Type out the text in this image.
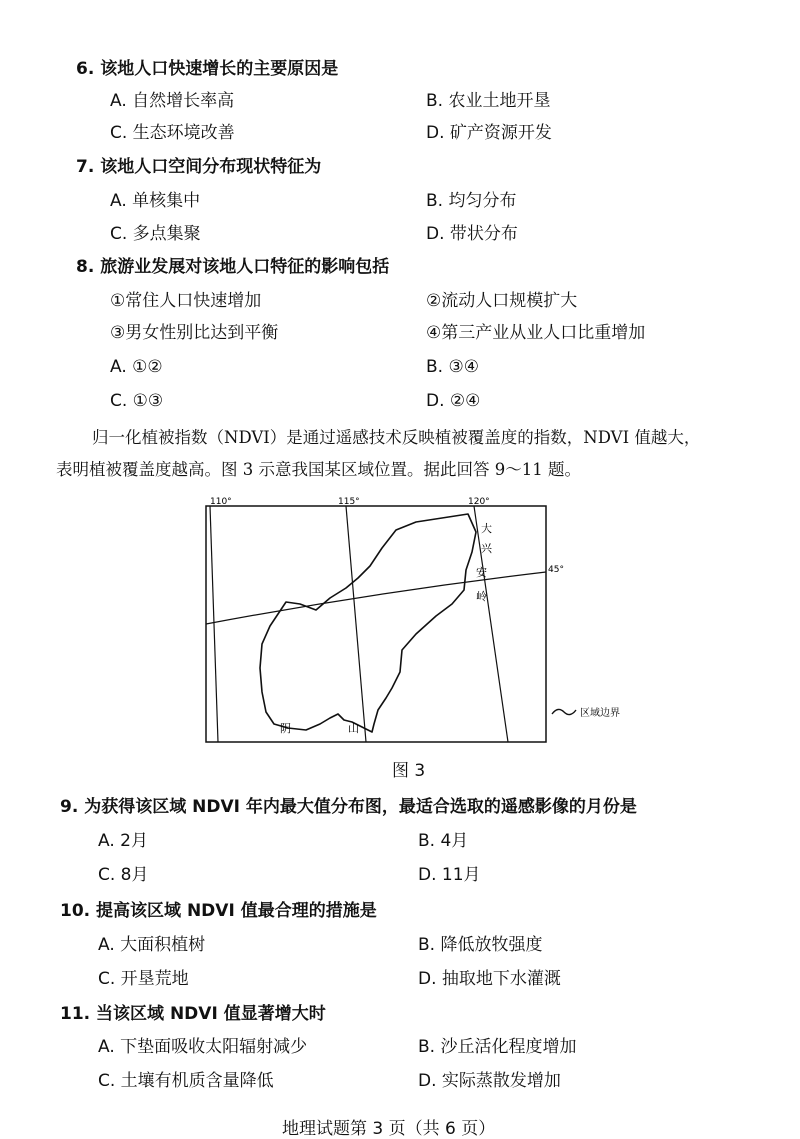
6. 该地人口快速增长的主要原因是
A. 自然增长率高	B. 农业土地开垦
C. 生态环境改善	D. 矿产资源开发
7. 该地人口空间分布现状特征为
A. 单核集中	B. 均匀分布
C. 多点集聚	D. 带状分布
8. 旅游业发展对该地人口特征的影响包括
①常住人口快速增加	②流动人口规模扩大
③男女性别比达到平衡	④第三产业从业人口比重增加
A. ①②	B. ③④
C. ①③	D. ②④
归一化植被指数（NDVI）是通过遥感技术反映植被覆盖度的指数，NDVI 值越大，
表明植被覆盖度越高。图 3 示意我国某区域位置。据此回答 9～11 题。
110°	115°	120°
45°
大
兴
安
岭
阴	山
区域边界
图 3
9. 为获得该区域 NDVI 年内最大值分布图，最适合选取的遥感影像的月份是
A. 2月	B. 4月
C. 8月	D. 11月
10. 提高该区域 NDVI 值最合理的措施是
A. 大面积植树	B. 降低放牧强度
C. 开垦荒地	D. 抽取地下水灌溉
11. 当该区域 NDVI 值显著增大时
A. 下垫面吸收太阳辐射减少	B. 沙丘活化程度增加
C. 土壤有机质含量降低	D. 实际蒸散发增加
地理试题第 3 页（共 6 页）
